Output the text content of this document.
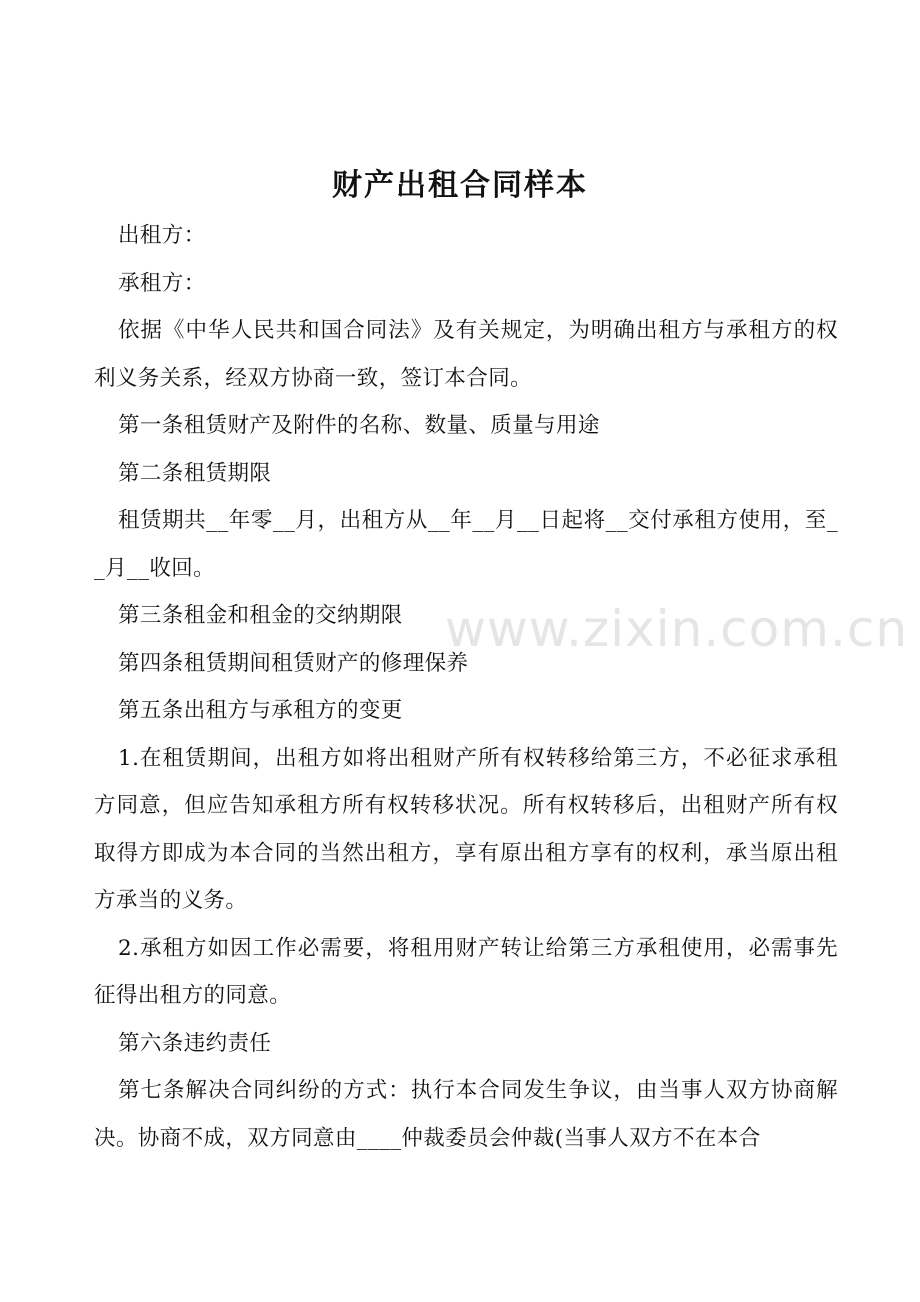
财产出租合同样本

出租方：

承租方：

依据《中华人民共和国合同法》及有关规定，为明确出租方与承租方的权利义务关系，经双方协商一致，签订本合同。

第一条租赁财产及附件的名称、数量、质量与用途

第二条租赁期限

租赁期共__年零__月，出租方从__年__月__日起将__交付承租方使用，至__月__收回。

第三条租金和租金的交纳期限

第四条租赁期间租赁财产的修理保养

第五条出租方与承租方的变更

1.在租赁期间，出租方如将出租财产所有权转移给第三方，不必征求承租方同意，但应告知承租方所有权转移状况。所有权转移后，出租财产所有权取得方即成为本合同的当然出租方，享有原出租方享有的权利，承当原出租方承当的义务。

2.承租方如因工作必需要，将租用财产转让给第三方承租使用，必需事先征得出租方的同意。

第六条违约责任

第七条解决合同纠纷的方式：执行本合同发生争议，由当事人双方协商解决。协商不成，双方同意由____仲裁委员会仲裁(当事人双方不在本合

www.zixin.com.cn
